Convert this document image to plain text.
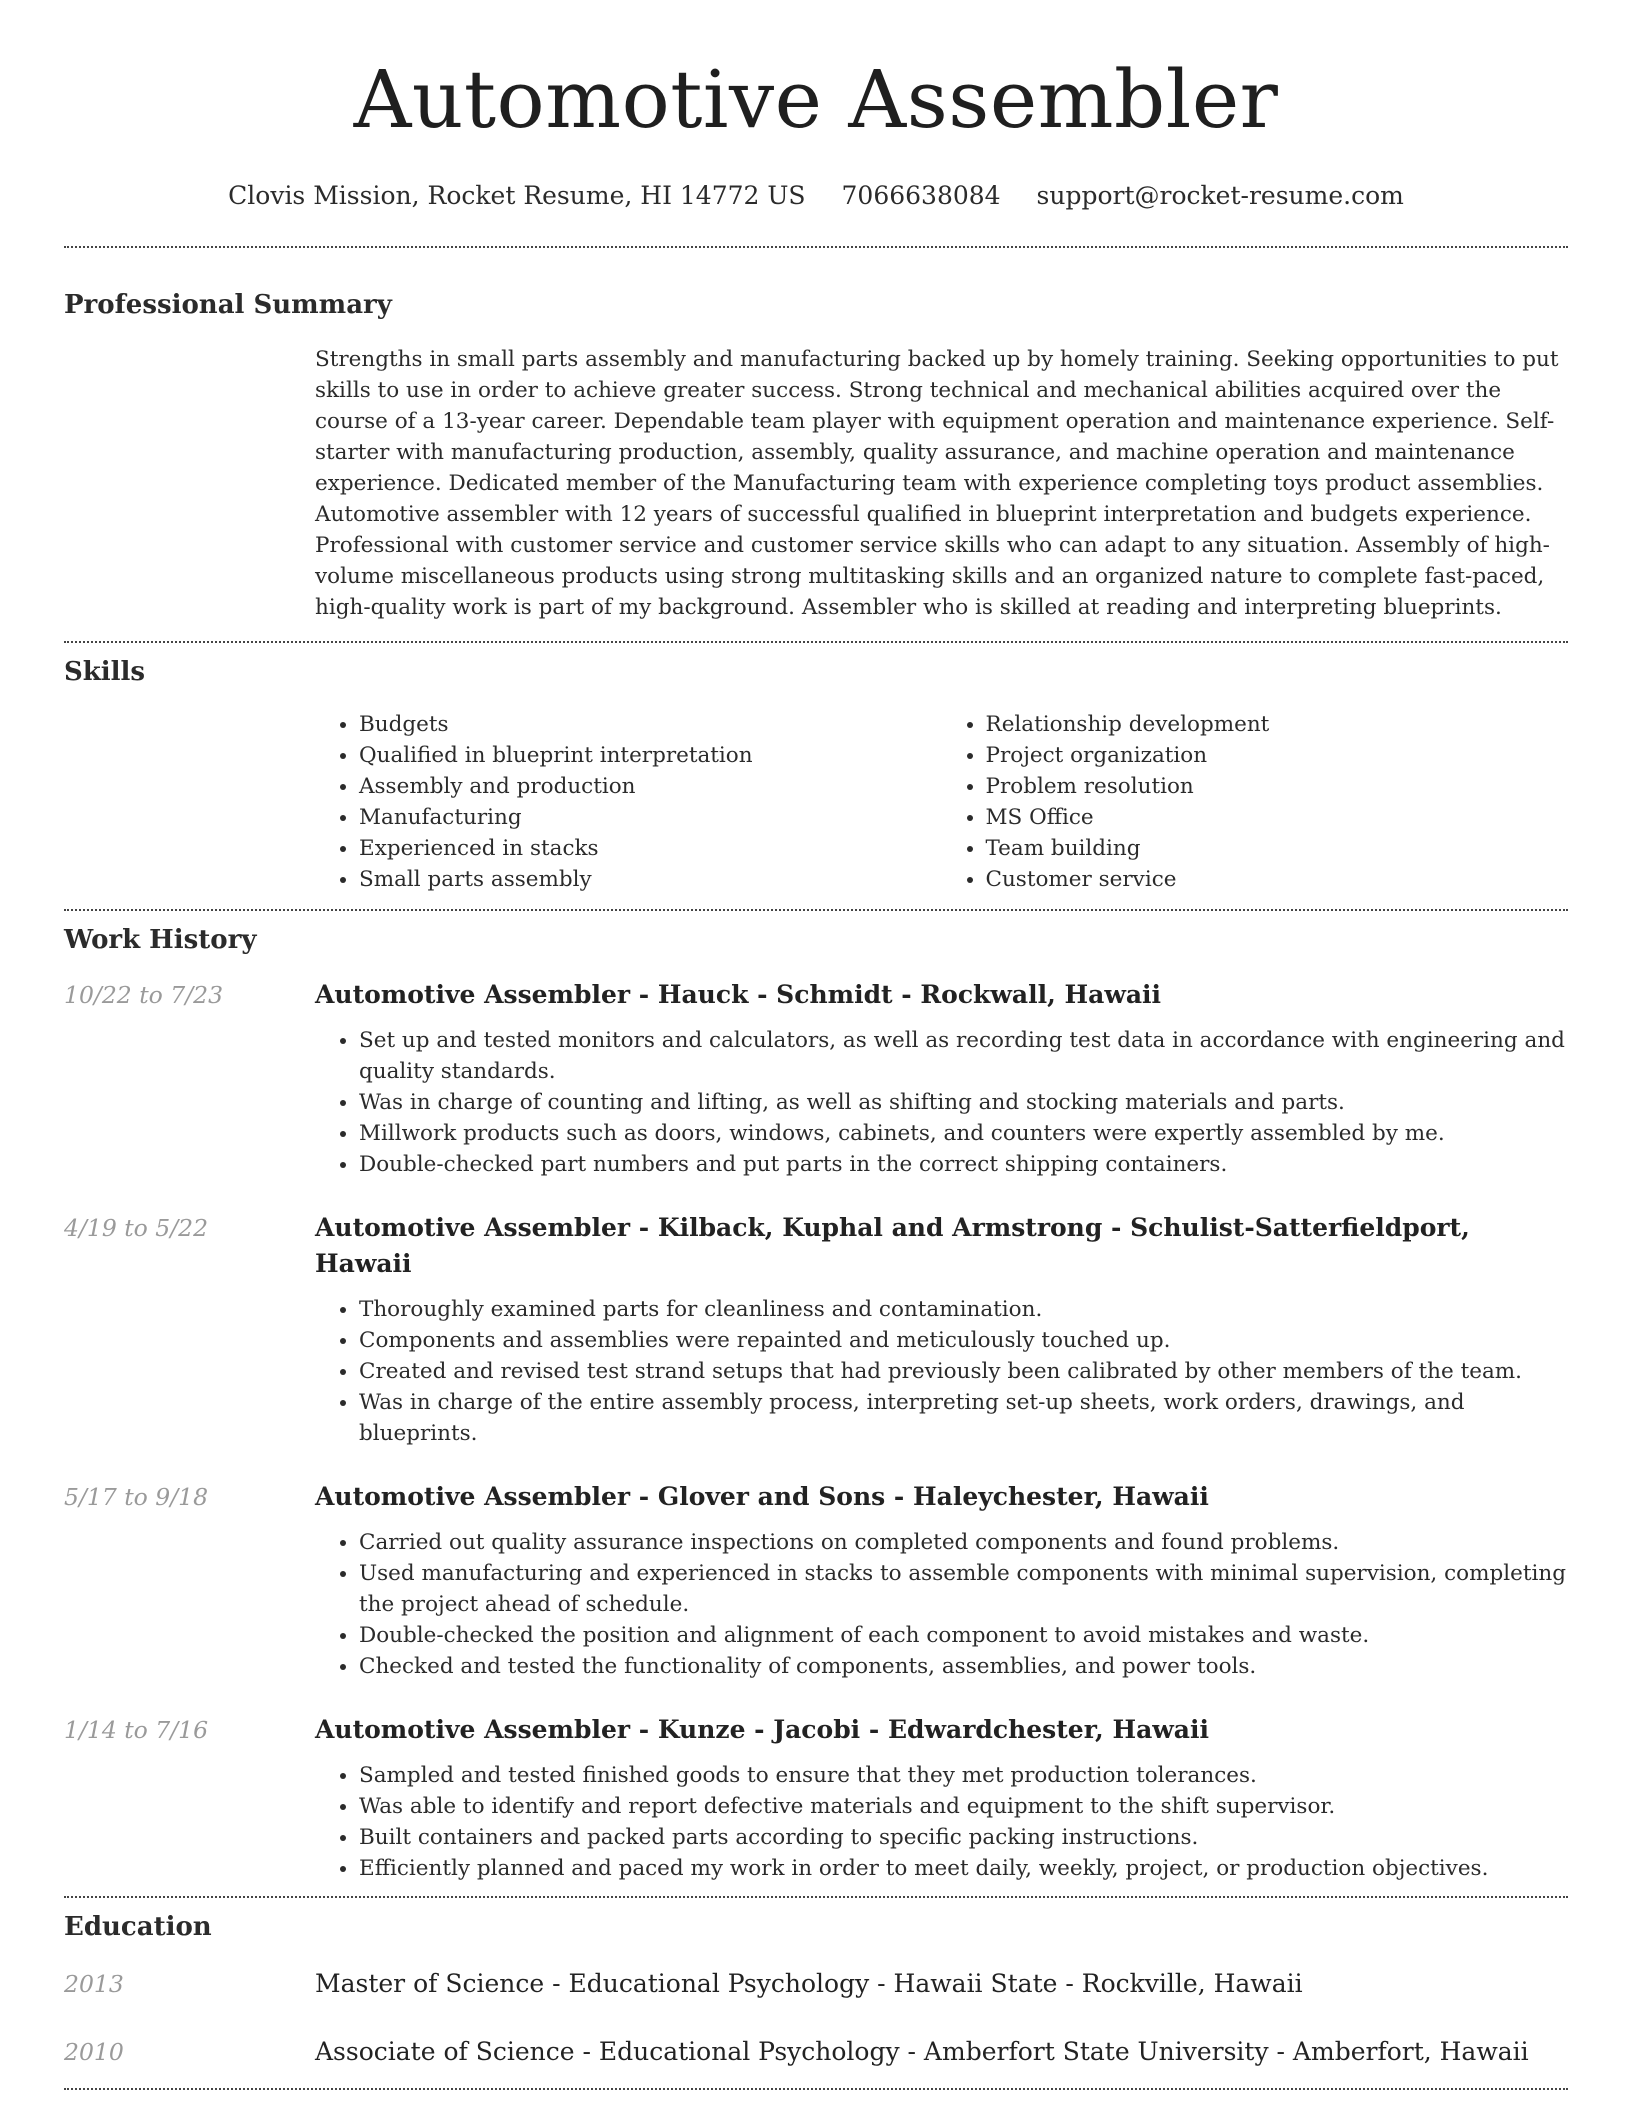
Automotive Assembler
Clovis Mission, Rocket Resume, HI 14772 US 7066638084 support@rocket-resume.com
Professional Summary

Strengths in small parts assembly and manufacturing backed up by homely training. Seeking opportunities to put skills to use in order to achieve greater success. Strong technical and mechanical abilities acquired over the course of a 13-year career. Dependable team player with equipment operation and maintenance experience. Self-starter with manufacturing production, assembly, quality assurance, and machine operation and maintenance experience. Dedicated member of the Manufacturing team with experience completing toys product assemblies. Automotive assembler with 12 years of successful qualified in blueprint interpretation and budgets experience. Professional with customer service and customer service skills who can adapt to any situation. Assembly of high-volume miscellaneous products using strong multitasking skills and an organized nature to complete fast-paced, high-quality work is part of my background. Assembler who is skilled at reading and interpreting blueprints.

Skills
• Budgets
• Qualified in blueprint interpretation
• Assembly and production
• Manufacturing
• Experienced in stacks
• Small parts assembly
• Relationship development
• Project organization
• Problem resolution
• MS Office
• Team building
• Customer service
Work History
10/22 to 7/23	Automotive Assembler - Hauck - Schmidt - Rockwall, Hawaii
• Set up and tested monitors and calculators, as well as recording test data in accordance with engineering and quality standards.
• Was in charge of counting and lifting, as well as shifting and stocking materials and parts.
• Millwork products such as doors, windows, cabinets, and counters were expertly assembled by me.
• Double-checked part numbers and put parts in the correct shipping containers.
4/19 to 5/22	Automotive Assembler - Kilback, Kuphal and Armstrong - Schulist-Satterfieldport, Hawaii
• Thoroughly examined parts for cleanliness and contamination.
• Components and assemblies were repainted and meticulously touched up.
• Created and revised test strand setups that had previously been calibrated by other members of the team.
• Was in charge of the entire assembly process, interpreting set-up sheets, work orders, drawings, and blueprints.
5/17 to 9/18	Automotive Assembler - Glover and Sons - Haleychester, Hawaii
• Carried out quality assurance inspections on completed components and found problems.
• Used manufacturing and experienced in stacks to assemble components with minimal supervision, completing the project ahead of schedule.
• Double-checked the position and alignment of each component to avoid mistakes and waste.
• Checked and tested the functionality of components, assemblies, and power tools.
1/14 to 7/16	Automotive Assembler - Kunze - Jacobi - Edwardchester, Hawaii
• Sampled and tested finished goods to ensure that they met production tolerances.
• Was able to identify and report defective materials and equipment to the shift supervisor.
• Built containers and packed parts according to specific packing instructions.
• Efficiently planned and paced my work in order to meet daily, weekly, project, or production objectives.
Education
2013	Master of Science - Educational Psychology - Hawaii State - Rockville, Hawaii
2010	Associate of Science - Educational Psychology - Amberfort State University - Amberfort, Hawaii
